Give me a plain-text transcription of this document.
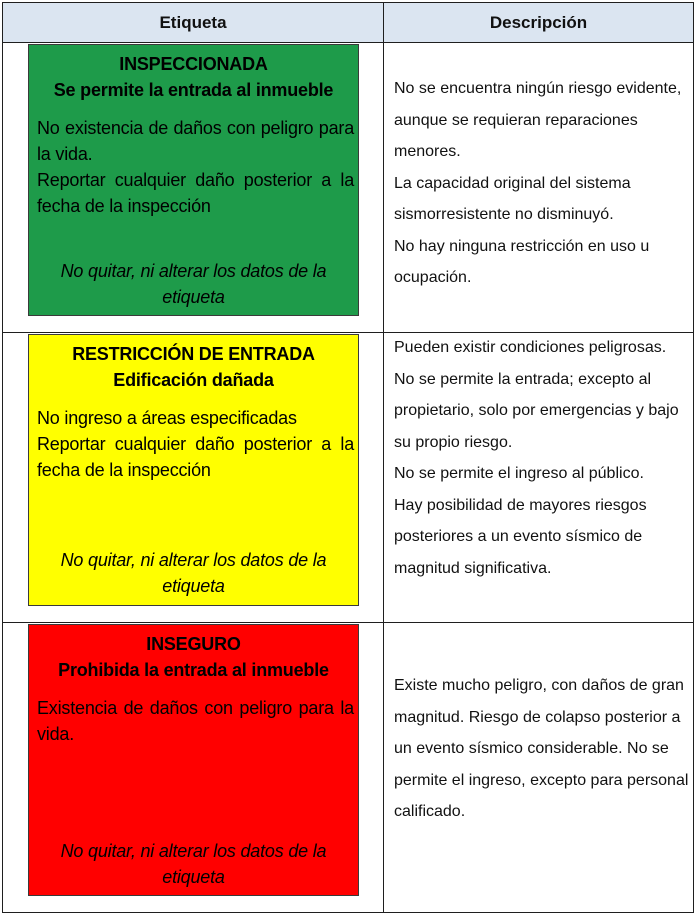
Etiqueta	Descripción
INSPECCIONADA
Se permite la entrada al inmueble
No existencia de daños con peligro para la vida.
Reportar cualquier daño posterior a la fecha de la inspección
No quitar, ni alterar los datos de la etiqueta

No se encuentra ningún riesgo evidente, aunque se requieran reparaciones menores.

La capacidad original del sistema sismorresistente no disminuyó.

No hay ninguna restricción en uso u ocupación.

RESTRICCIÓN DE ENTRADA
Edificación dañada
No ingreso a áreas especificadas
Reportar cualquier daño posterior a la fecha de la inspección
No quitar, ni alterar los datos de la etiqueta

Pueden existir condiciones peligrosas. No se permite la entrada; excepto al propietario, solo por emergencias y bajo su propio riesgo.

No se permite el ingreso al público.

Hay posibilidad de mayores riesgos posteriores a un evento sísmico de magnitud significativa.

INSEGURO
Prohibida la entrada al inmueble
Existencia de daños con peligro para la vida.
No quitar, ni alterar los datos de la etiqueta

Existe mucho peligro, con daños de gran magnitud. Riesgo de colapso posterior a un evento sísmico considerable. No se permite el ingreso, excepto para personal calificado.
